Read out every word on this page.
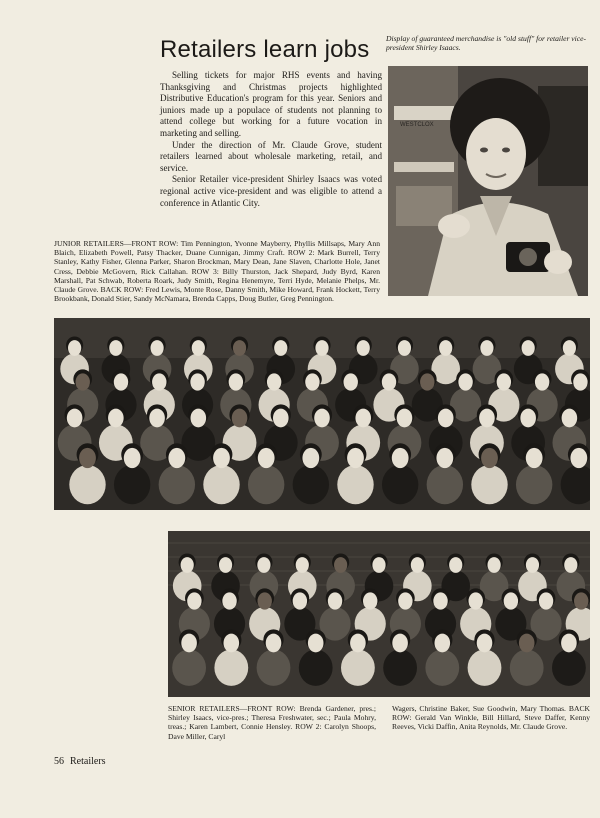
Retailers learn jobs	Display of guaranteed merchandise is "old stuff" for retailer vice-president Shirley Isaacs.

Selling tickets for major RHS events and having Thanksgiving and Christmas projects highlighted Distributive Education's program for this year. Seniors and juniors made up a populace of students not planning to attend college but working for a future vocation in marketing and selling.

Under the direction of Mr. Claude Grove, student retailers learned about wholesale marketing, retail, and service.

Senior Retailer vice-president Shirley Isaacs was voted regional active vice-president and was eligible to attend a conference in Atlantic City.

WESTCLOX
JUNIOR RETAILERS—FRONT ROW: Tim Pennington, Yvonne Mayberry, Phyllis Millsaps, Mary Ann Blaich, Elizabeth Powell, Patsy Thacker, Duane Cunnigan, Jimmy Craft. ROW 2: Mark Burrell, Terry Stanley, Kathy Fisher, Glenna Parker, Sharon Brockman, Mary Dean, Jane Slaven, Charlotte Hole, Janet Cress, Debbie McGovern, Rick Callahan. ROW 3: Billy Thurston, Jack Shepard, Judy Byrd, Karen Marshall, Pat Schwab, Roberta Roark, Judy Smith, Regina Henemyre, Terri Hyde, Melanie Phelps, Mr. Claude Grove. BACK ROW: Fred Lewis, Monte Rose, Danny Smith, Mike Howard, Frank Hockett, Terry Brookbank, Donald Stier, Sandy McNamara, Brenda Capps, Doug Butler, Greg Pennington.
SENIOR RETAILERS—FRONT ROW: Brenda Gardener, pres.; Shirley Isaacs, vice-pres.; Theresa Freshwater, sec.; Paula Mohry, treas.; Karen Lambert, Connie Hensley. ROW 2: Carolyn Shoops, Dave Miller, Caryl
Wagers, Christine Baker, Sue Goodwin, Mary Thomas. BACK ROW: Gerald Van Winkle, Bill Hillard, Steve Daffer, Kenny Reeves, Vicki Daffin, Anita Reynolds, Mr. Claude Grove.
56 Retailers
